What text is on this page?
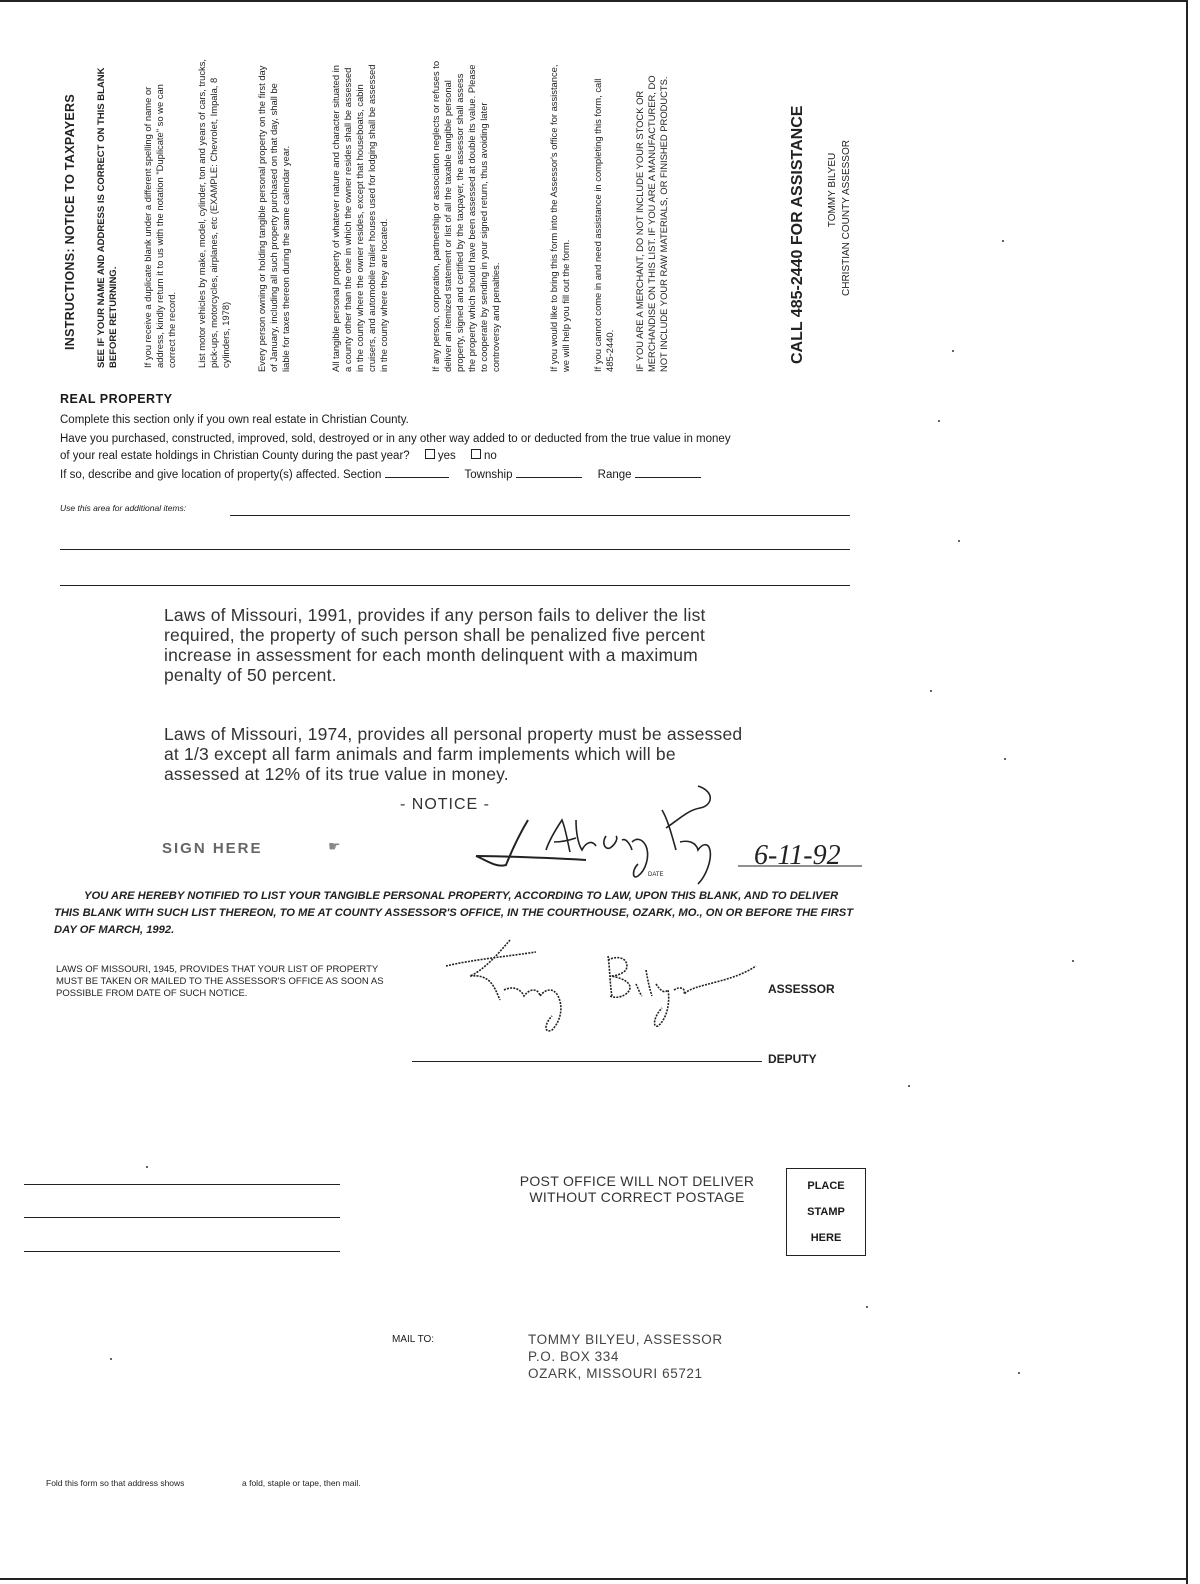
INSTRUCTIONS: NOTICE TO TAXPAYERS SEE IF YOUR NAME AND ADDRESS IS CORRECT ON THIS BLANK BEFORE RETURNING. If you receive a duplicate blank under a different spelling of name or address, kindly return it to us with the notation "Duplicate" so we can correct the record. List motor vehicles by make, model, cylinder, ton and years of cars, trucks, pick-ups, motorcycles, airplanes, etc (EXAMPLE: Chevrolet, Impala, 8 cylinders, 1978)	Every person owning or holding tangible personal property on the first day of January, including all such property purchased on that day, shall be liable for taxes thereon during the same calendar year.	All tangible personal property of whatever nature and character situated in a county other than the one in which the owner resides shall be assessed in the county where the owner resides, except that houseboats, cabin cruisers, and automobile trailer houses used for lodging shall be assessed in the county where they are located.	If any person, corporation, partnership or association neglects or refuses to deliver an itemized statement or list of all the taxable tangible personal property, signed and certified by the taxpayer, the assessor shall assess the property which should have been assessed at double its value. Please to cooperate by sending in your signed return, thus avoiding later controversy and penalties.	If you would like to bring this form into the Assessor's office for assistance, we will help you fill out the form. If you cannot come in and need assistance in completing this form, call 485-2440. IF YOU ARE A MERCHANT, DO NOT INCLUDE YOUR STOCK OR MERCHANDISE ON THIS LIST. IF YOU ARE A MANUFACTURER, DO NOT INCLUDE YOUR RAW MATERIALS, OR FINISHED PRODUCTS.	CALL 485-2440 FOR ASSISTANCE TOMMY BILYEU CHRISTIAN COUNTY ASSESSOR
REAL PROPERTY
Complete this section only if you own real estate in Christian County.
Have you purchased, constructed, improved, sold, destroyed or in any other way added to or deducted from the true value in money
of your real estate holdings in Christian County during the past year? yes no
If so, describe and give location of property(s) affected. Section	Township	Range
Use this area for additional items:
Laws of Missouri, 1991, provides if any person fails to deliver the list required, the property of such person shall be penalized five percent increase in assessment for each month delinquent with a maximum penalty of 50 percent.
Laws of Missouri, 1974, provides all personal property must be assessed at 1/3 except all farm animals and farm implements which will be assessed at 12% of its true value in money.
- NOTICE -
SIGN HERE	☛	6-11-92
DATE
YOU ARE HEREBY NOTIFIED TO LIST YOUR TANGIBLE PERSONAL PROPERTY, ACCORDING TO LAW, UPON THIS BLANK, AND TO DELIVER THIS BLANK WITH SUCH LIST THEREON, TO ME AT COUNTY ASSESSOR'S OFFICE, IN THE COURTHOUSE, OZARK, MO., ON OR BEFORE THE FIRST DAY OF MARCH, 1992.
LAWS OF MISSOURI, 1945, PROVIDES THAT YOUR LIST OF PROPERTY MUST BE TAKEN OR MAILED TO THE ASSESSOR'S OFFICE AS SOON AS POSSIBLE FROM DATE OF SUCH NOTICE.	ASSESSOR
DEPUTY
POST OFFICE WILL NOT DELIVER WITHOUT CORRECT POSTAGE
PLACE
STAMP
HERE
MAIL TO:	TOMMY BILYEU, ASSESSOR
P.O. BOX 334
OZARK, MISSOURI 65721
Fold this form so that address shows	a fold, staple or tape, then mail.
